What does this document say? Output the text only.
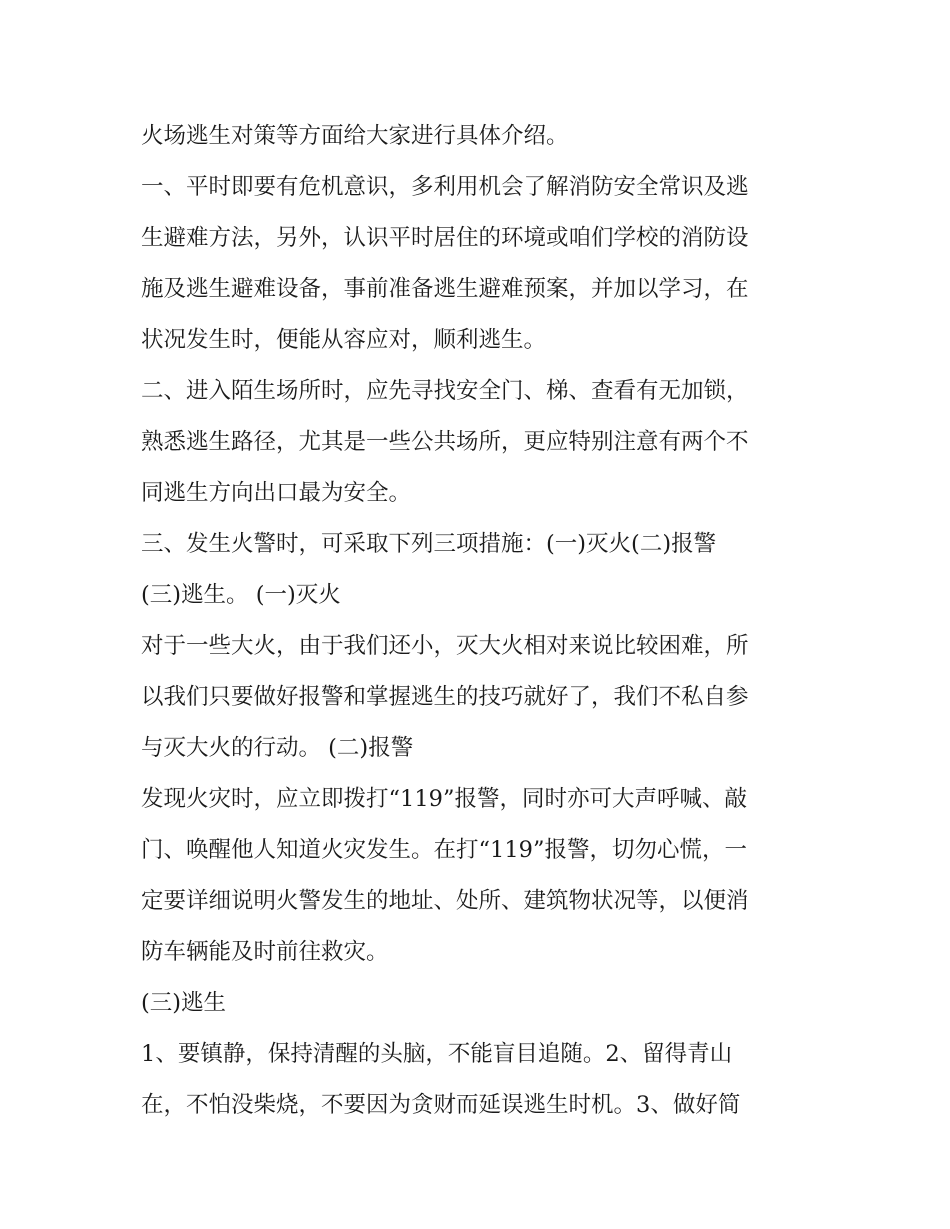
火场逃生对策等方面给大家进行具体介绍。
一、平时即要有危机意识，多利用机会了解消防安全常识及逃
生避难方法，另外，认识平时居住的环境或咱们学校的消防设
施及逃生避难设备，事前准备逃生避难预案，并加以学习，在
状况发生时，便能从容应对，顺利逃生。
二、进入陌生场所时，应先寻找安全门、梯、查看有无加锁，
熟悉逃生路径，尤其是一些公共场所，更应特别注意有两个不
同逃生方向出口最为安全。
三、发生火警时，可采取下列三项措施：(一)灭火(二)报警
(三)逃生。 (一)灭火
对于一些大火，由于我们还小，灭大火相对来说比较困难，所
以我们只要做好报警和掌握逃生的技巧就好了，我们不私自参
与灭大火的行动。 (二)报警
发现火灾时，应立即拨打“119”报警，同时亦可大声呼喊、敲
门、唤醒他人知道火灾发生。在打“119”报警，切勿心慌，一
定要详细说明火警发生的地址、处所、建筑物状况等，以便消
防车辆能及时前往救灾。
(三)逃生
1、要镇静，保持清醒的头脑，不能盲目追随。2、留得青山
在，不怕没柴烧，不要因为贪财而延误逃生时机。3、做好简
